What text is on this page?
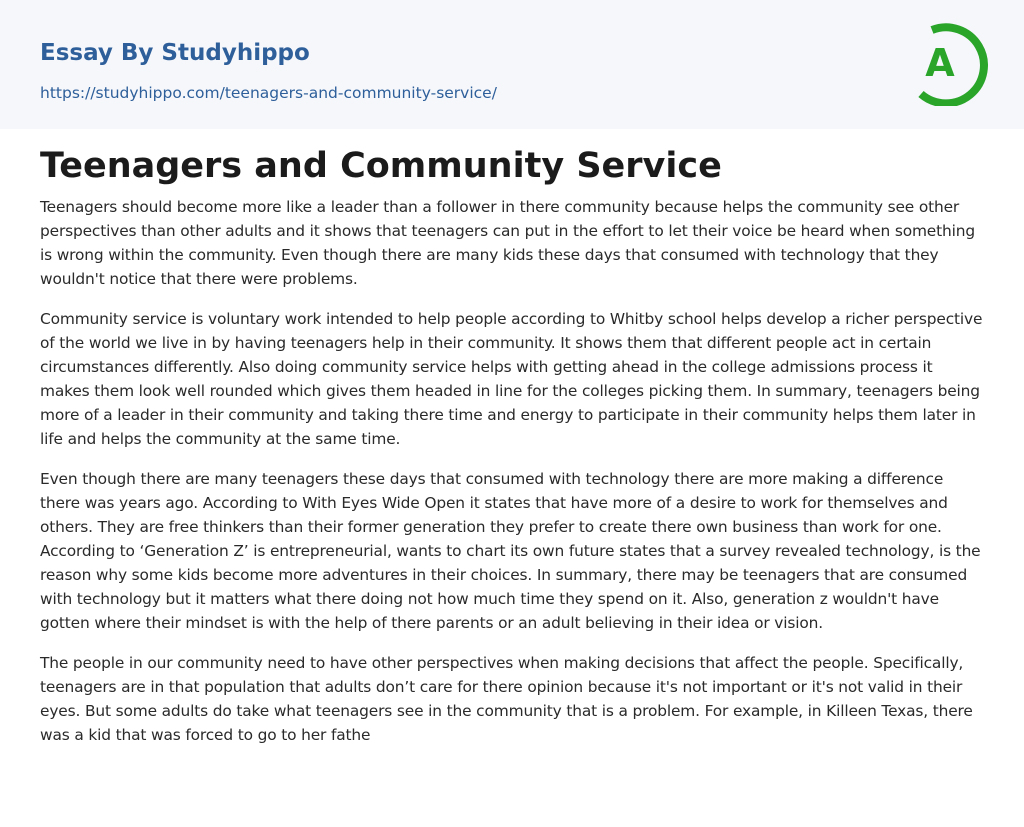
Essay By Studyhippo
https://studyhippo.com/teenagers-and-community-service/
A
Teenagers and Community Service

Teenagers should become more like a leader than a follower in there community because helps the community see other perspectives than other adults and it shows that teenagers can put in the effort to let their voice be heard when something is wrong within the community. Even though there are many kids these days that consumed with technology that they wouldn't notice that there were problems.

Community service is voluntary work intended to help people according to Whitby school helps develop a richer perspective of the world we live in by having teenagers help in their community. It shows them that different people act in certain circumstances differently. Also doing community service helps with getting ahead in the college admissions process it makes them look well rounded which gives them headed in line for the colleges picking them. In summary, teenagers being more of a leader in their community and taking there time and energy to participate in their community helps them later in life and helps the community at the same time.

Even though there are many teenagers these days that consumed with technology there are more making a difference there was years ago. According to With Eyes Wide Open it states that have more of a desire to work for themselves and others. They are free thinkers than their former generation they prefer to create there own business than work for one. According to ‘Generation Z’ is entrepreneurial, wants to chart its own future states that a survey revealed technology, is the reason why some kids become more adventures in their choices. In summary, there may be teenagers that are consumed with technology but it matters what there doing not how much time they spend on it. Also, generation z wouldn't have gotten where their mindset is with the help of there parents or an adult believing in their idea or vision.

The people in our community need to have other perspectives when making decisions that affect the people. Specifically, teenagers are in that population that adults don’t care for there opinion because it's not important or it's not valid in their eyes. But some adults do take what teenagers see in the community that is a problem. For example, in Killeen Texas, there was a kid that was forced to go to her fathe
